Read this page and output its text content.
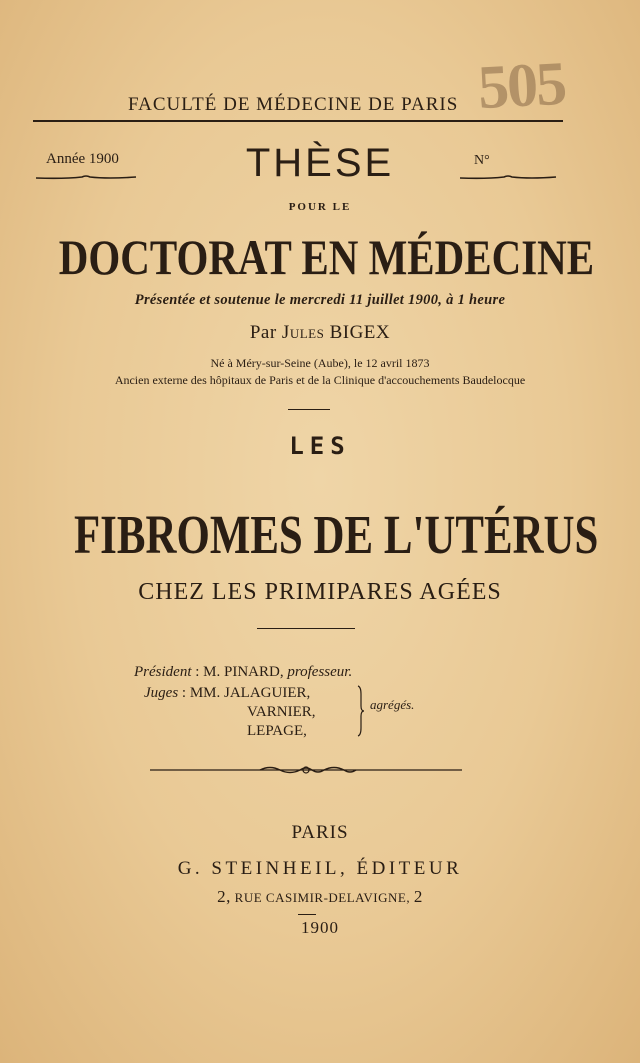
505
FACULTÉ DE MÉDECINE DE PARIS
Année 1900	THÈSE	N°
POUR LE
DOCTORAT EN MÉDECINE
Présentée et soutenue le mercredi 11 juillet 1900, à 1 heure
Par Jules BIGEX
Né à Méry-sur-Seine (Aube), le 12 avril 1873
Ancien externe des hôpitaux de Paris et de la Clinique d'accouchements Baudelocque
LES
FIBROMES DE L'UTÉRUS
CHEZ LES PRIMIPARES AGÉES
Président : M. PINARD, professeur.
Juges : MM. JALAGUIER,
VARNIER,
LEPAGE,
agrégés.
PARIS
G. STEINHEIL, ÉDITEUR
2, RUE CASIMIR-DELAVIGNE, 2
1900
